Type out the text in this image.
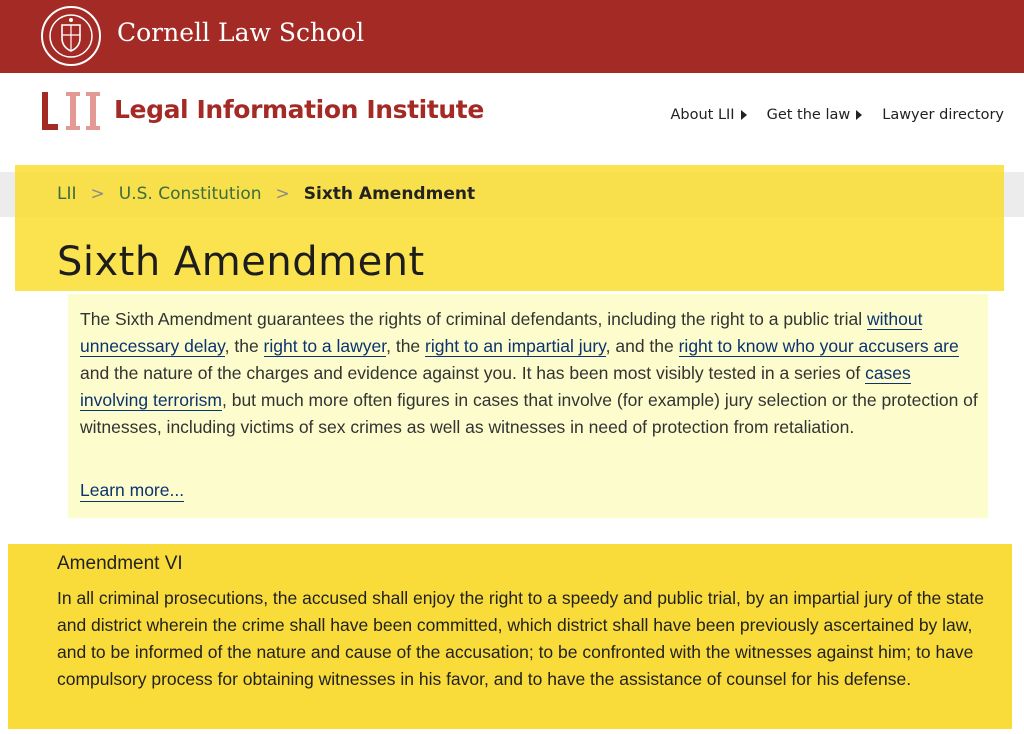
Cornell Law School
Legal Information Institute	About LII Get the law Lawyer directory
LII > U.S. Constitution > Sixth Amendment
Sixth Amendment
The Sixth Amendment guarantees the rights of criminal defendants, including the right to a public trial without unnecessary delay, the right to a lawyer, the right to an impartial jury, and the right to know who your accusers are and the nature of the charges and evidence against you. It has been most visibly tested in a series of cases involving terrorism, but much more often figures in cases that involve (for example) jury selection or the protection of witnesses, including victims of sex crimes as well as witnesses in need of protection from retaliation.
Learn more...
Amendment VI

In all criminal prosecutions, the accused shall enjoy the right to a speedy and public trial, by an impartial jury of the state and district wherein the crime shall have been committed, which district shall have been previously ascertained by law, and to be informed of the nature and cause of the accusation; to be confronted with the witnesses against him; to have compulsory process for obtaining witnesses in his favor, and to have the assistance of counsel for his defense.
